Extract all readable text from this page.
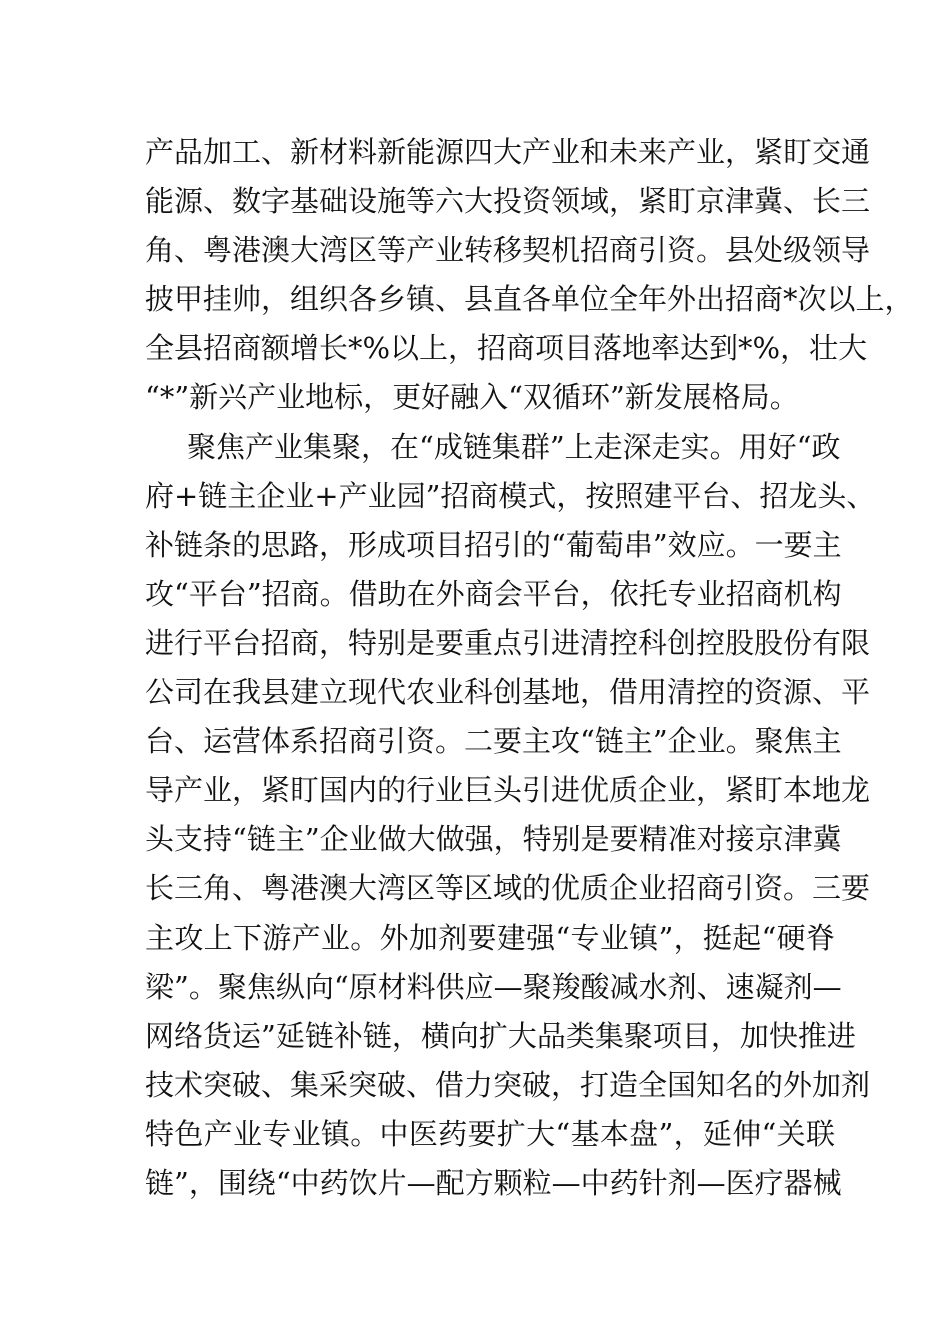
产品加工、新材料新能源四大产业和未来产业，紧盯交通
能源、数字基础设施等六大投资领域，紧盯京津冀、长三
角、粤港澳大湾区等产业转移契机招商引资。县处级领导
披甲挂帅，组织各乡镇、县直各单位全年外出招商*次以上，
全县招商额增长*%以上，招商项目落地率达到*%，壮大
“*”新兴产业地标，更好融入“双循环”新发展格局。
聚焦产业集聚，在“成链集群”上走深走实。用好“政
府+链主企业+产业园”招商模式，按照建平台、招龙头、
补链条的思路，形成项目招引的“葡萄串”效应。一要主
攻“平台”招商。借助在外商会平台，依托专业招商机构
进行平台招商，特别是要重点引进清控科创控股股份有限
公司在我县建立现代农业科创基地，借用清控的资源、平
台、运营体系招商引资。二要主攻“链主”企业。聚焦主
导产业，紧盯国内的行业巨头引进优质企业，紧盯本地龙
头支持“链主”企业做大做强，特别是要精准对接京津冀
长三角、粤港澳大湾区等区域的优质企业招商引资。三要
主攻上下游产业。外加剂要建强“专业镇”，挺起“硬脊
梁”。聚焦纵向“原材料供应—聚羧酸减水剂、速凝剂—
网络货运”延链补链，横向扩大品类集聚项目，加快推进
技术突破、集采突破、借力突破，打造全国知名的外加剂
特色产业专业镇。中医药要扩大“基本盘”，延伸“关联
链”，围绕“中药饮片—配方颗粒—中药针剂—医疗器械
